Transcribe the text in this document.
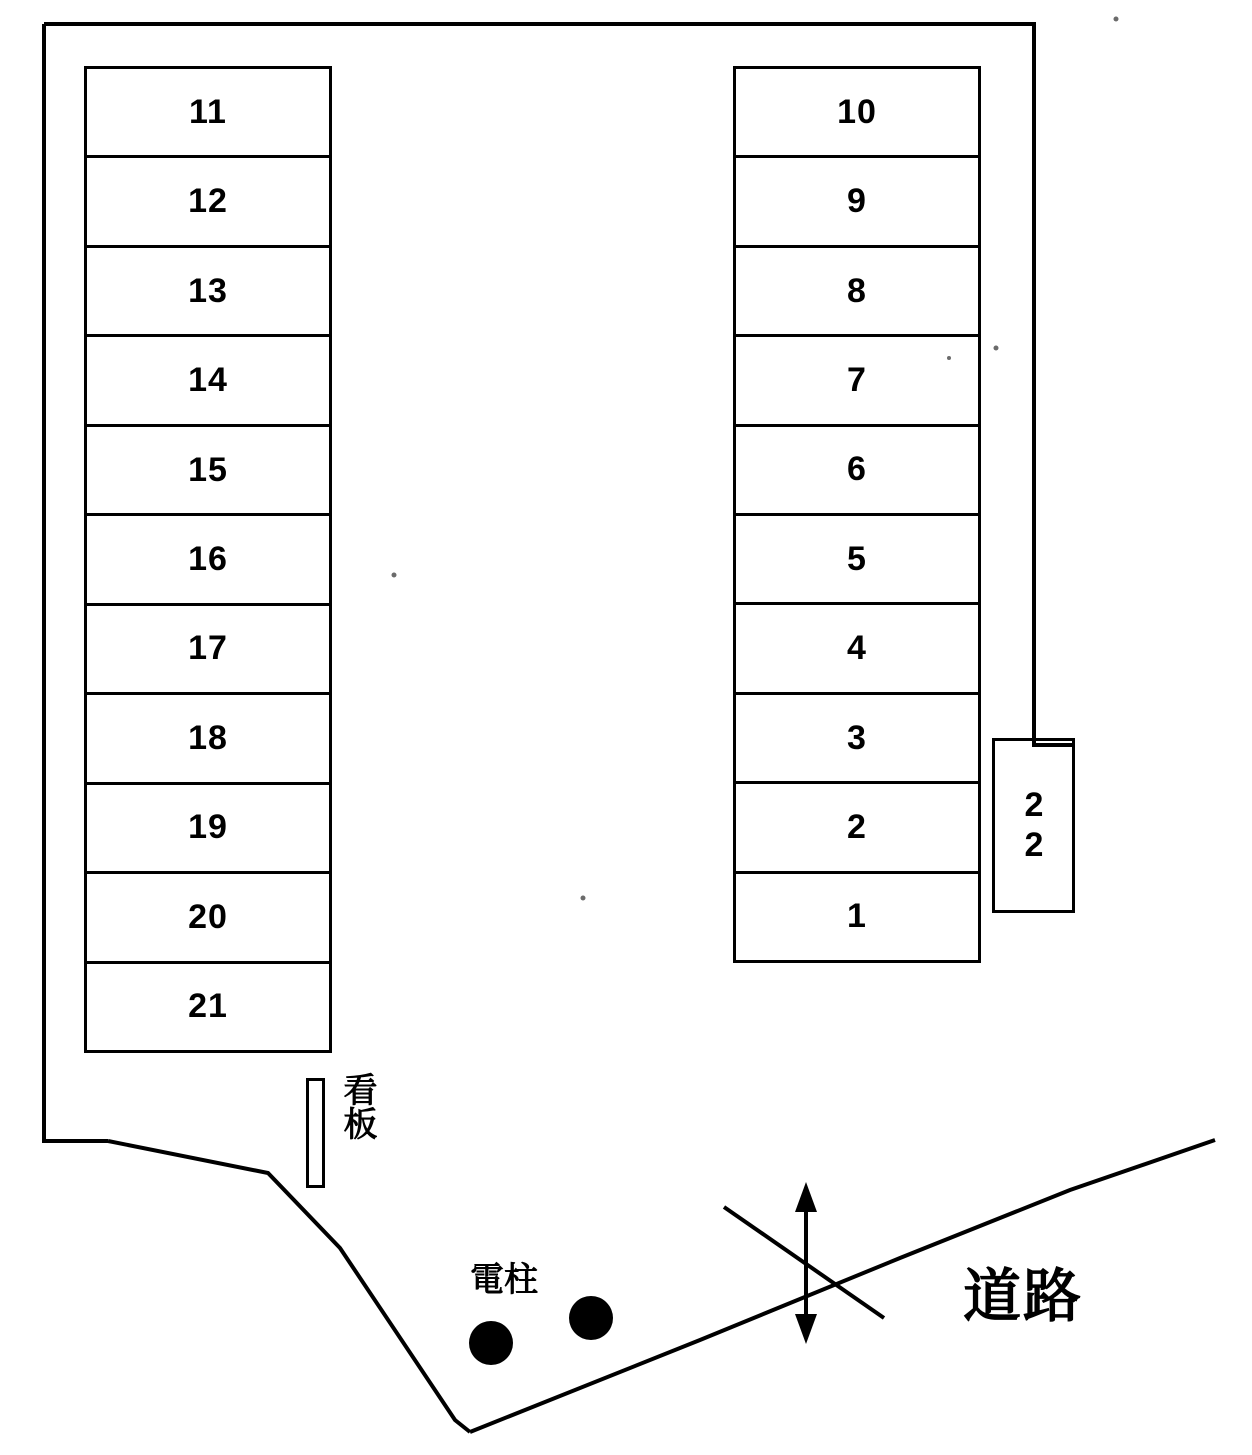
11
12
13
14
15
16
17
18
19
20
21
10
9
8
7
6
5
4
3
2
1
22
看板
電柱	道路
